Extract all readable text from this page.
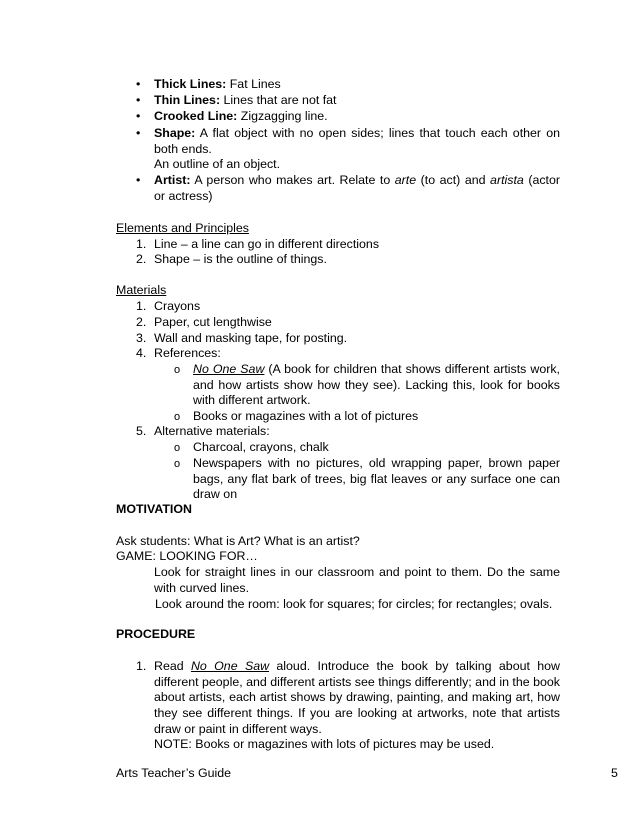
• Thick Lines: Fat Lines
• Thin Lines: Lines that are not fat
• Crooked Line: Zigzagging line.
• Shape: A flat object with no open sides; lines that touch each other on both ends.
An outline of an object.
• Artist: A person who makes art. Relate to arte (to act) and artista (actor or actress)
Elements and Principles
1. Line – a line can go in different directions
2. Shape – is the outline of things.
Materials
1. Crayons
2. Paper, cut lengthwise
3. Wall and masking tape, for posting.
4. References:
o No One Saw (A book for children that shows different artists work, and how artists show how they see). Lacking this, look for books with different artwork.
o Books or magazines with a lot of pictures
5. Alternative materials:
o Charcoal, crayons, chalk
o Newspapers with no pictures, old wrapping paper, brown paper bags, any flat bark of trees, big flat leaves or any surface one can draw on
MOTIVATION
Ask students: What is Art? What is an artist?
GAME: LOOKING FOR…
Look for straight lines in our classroom and point to them. Do the same with curved lines.
Look around the room: look for squares; for circles; for rectangles; ovals.
PROCEDURE
1. Read No One Saw aloud. Introduce the book by talking about how different people, and different artists see things differently; and in the book about artists, each artist shows by drawing, painting, and making art, how they see different things. If you are looking at artworks, note that artists draw or paint in different ways.
NOTE: Books or magazines with lots of pictures may be used.
Arts Teacher’s Guide	5
